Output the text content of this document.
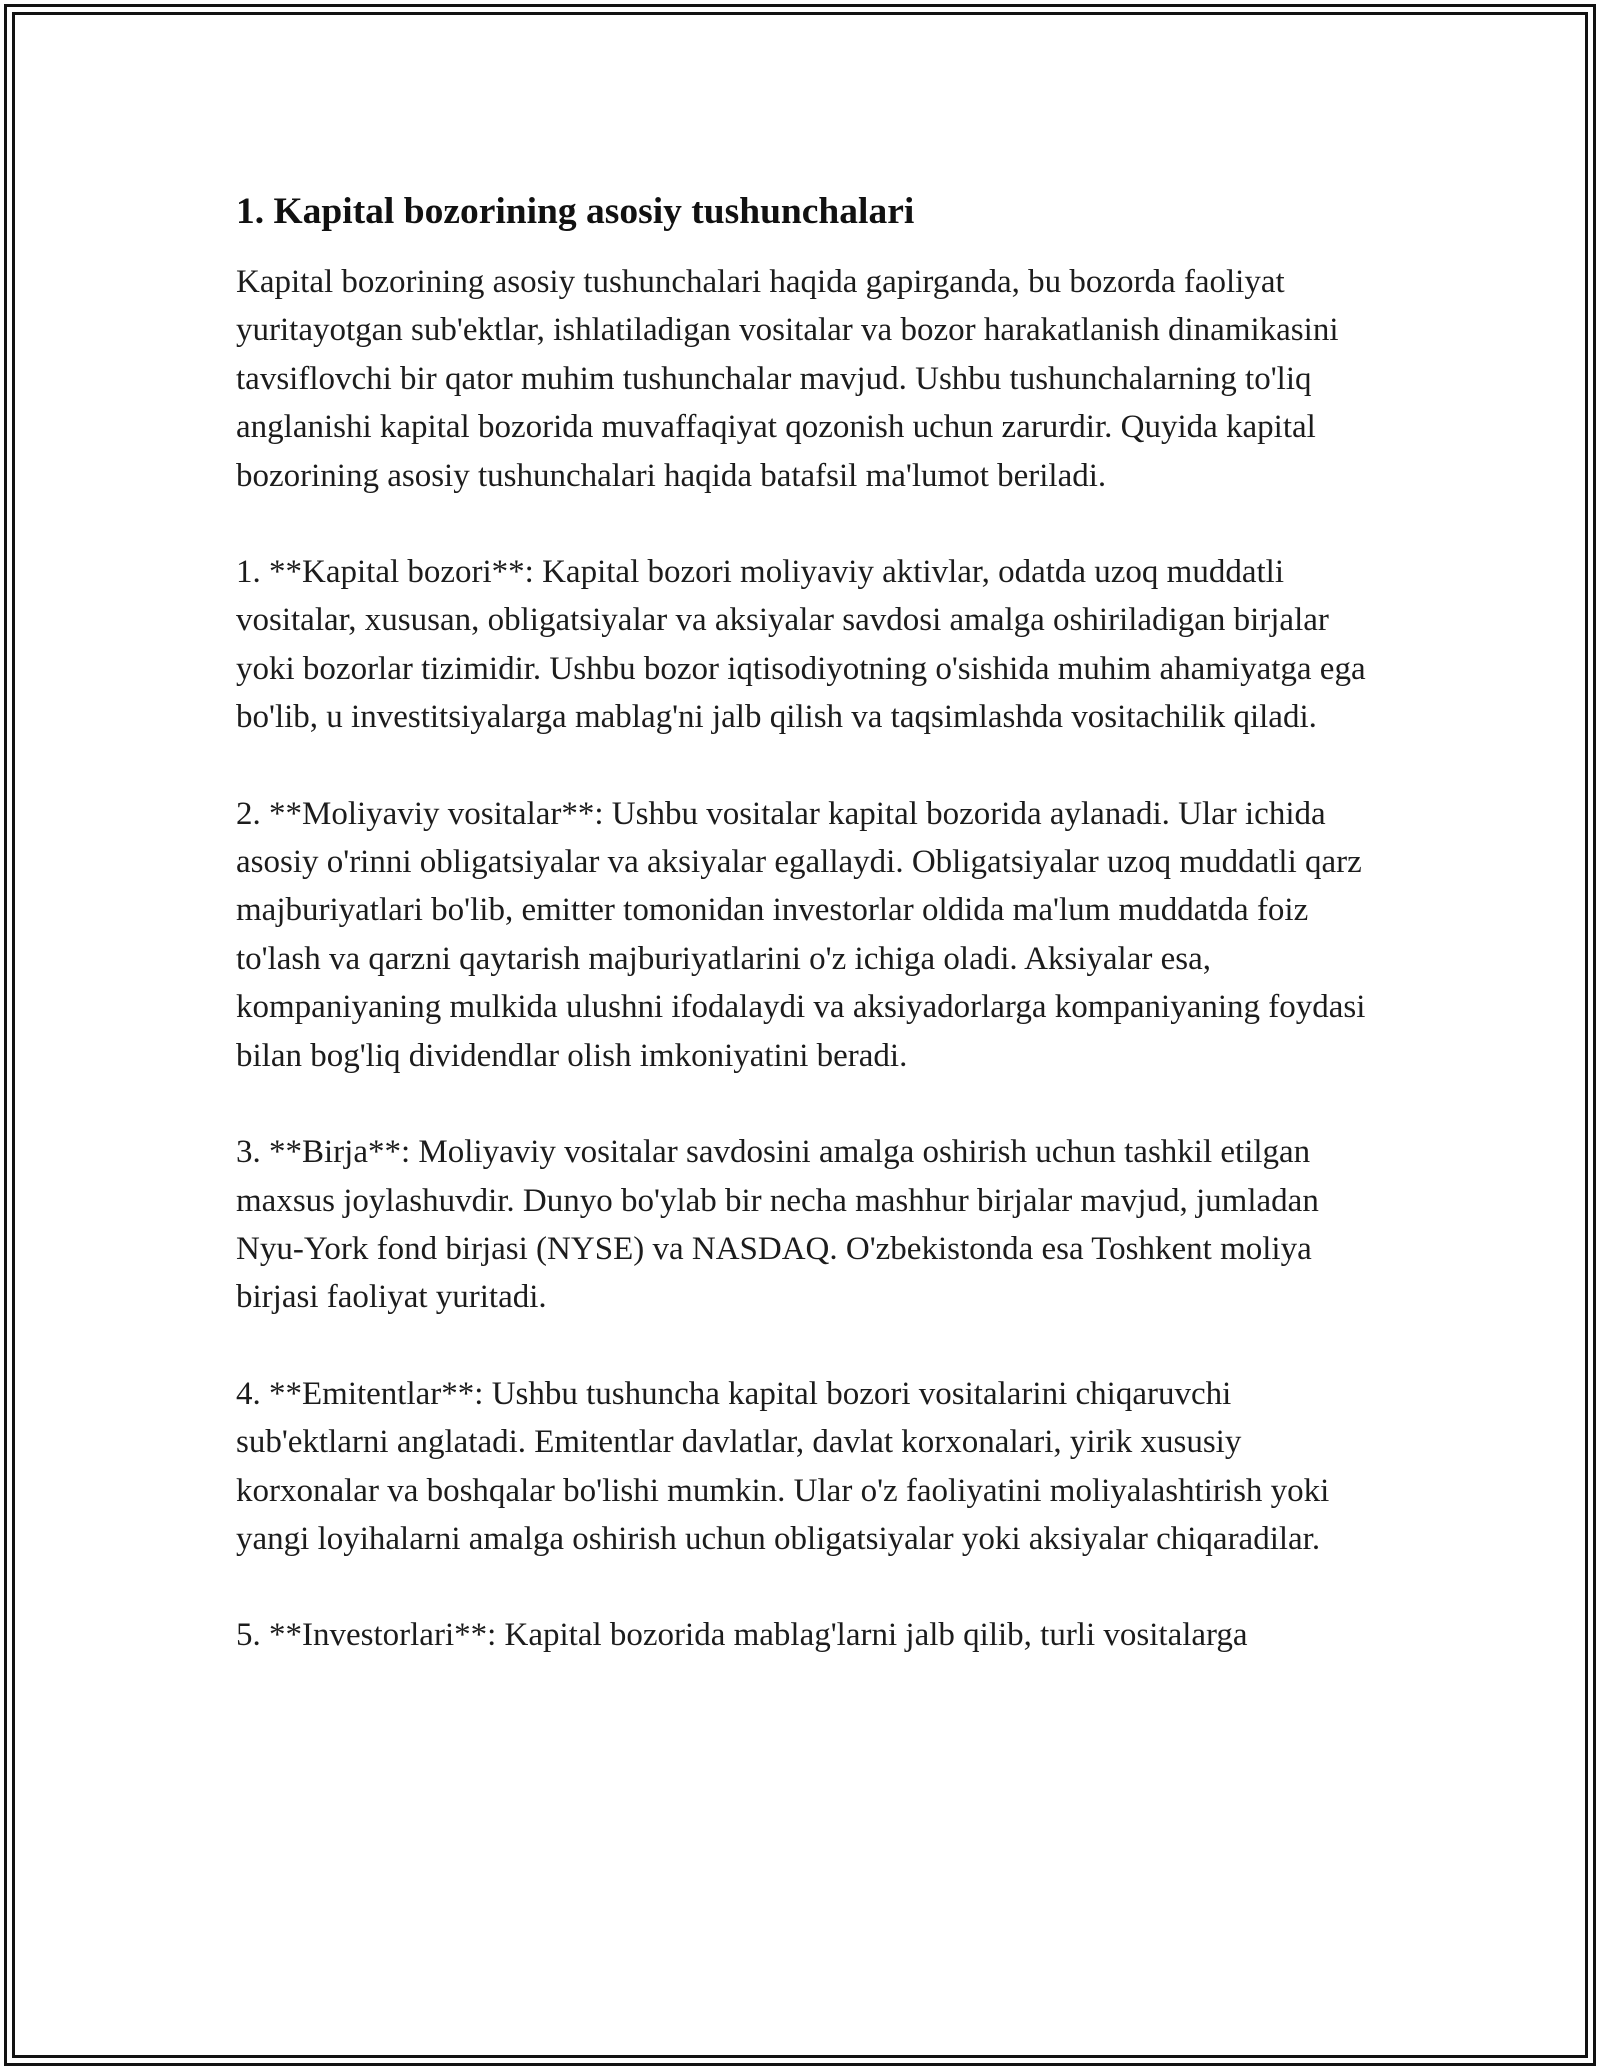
1. Kapital bozorining asosiy tushunchalari

Kapital bozorining asosiy tushunchalari haqida gapirganda, bu bozorda faoliyat yuritayotgan sub'ektlar, ishlatiladigan vositalar va bozor harakatlanish dinamikasini tavsiflovchi bir qator muhim tushunchalar mavjud. Ushbu tushunchalarning to'liq anglanishi kapital bozorida muvaffaqiyat qozonish uchun zarurdir. Quyida kapital bozorining asosiy tushunchalari haqida batafsil ma'lumot beriladi.

1. **Kapital bozori**: Kapital bozori moliyaviy aktivlar, odatda uzoq muddatli vositalar, xususan, obligatsiyalar va aksiyalar savdosi amalga oshiriladigan birjalar yoki bozorlar tizimidir. Ushbu bozor iqtisodiyotning o'sishida muhim ahamiyatga ega bo'lib, u investitsiyalarga mablag'ni jalb qilish va taqsimlashda vositachilik qiladi.

2. **Moliyaviy vositalar**: Ushbu vositalar kapital bozorida aylanadi. Ular ichida asosiy o'rinni obligatsiyalar va aksiyalar egallaydi. Obligatsiyalar uzoq muddatli qarz majburiyatlari bo'lib, emitter tomonidan investorlar oldida ma'lum muddatda foiz to'lash va qarzni qaytarish majburiyatlarini o'z ichiga oladi. Aksiyalar esa, kompaniyaning mulkida ulushni ifodalaydi va aksiyadorlarga kompaniyaning foydasi bilan bog'liq dividendlar olish imkoniyatini beradi.

3. **Birja**: Moliyaviy vositalar savdosini amalga oshirish uchun tashkil etilgan maxsus joylashuvdir. Dunyo bo'ylab bir necha mashhur birjalar mavjud, jumladan Nyu-York fond birjasi (NYSE) va NASDAQ. O'zbekistonda esa Toshkent moliya birjasi faoliyat yuritadi.

4. **Emitentlar**: Ushbu tushuncha kapital bozori vositalarini chiqaruvchi sub'ektlarni anglatadi. Emitentlar davlatlar, davlat korxonalari, yirik xususiy korxonalar va boshqalar bo'lishi mumkin. Ular o'z faoliyatini moliyalashtirish yoki yangi loyihalarni amalga oshirish uchun obligatsiyalar yoki aksiyalar chiqaradilar.

5. **Investorlari**: Kapital bozorida mablag'larni jalb qilib, turli vositalarga
